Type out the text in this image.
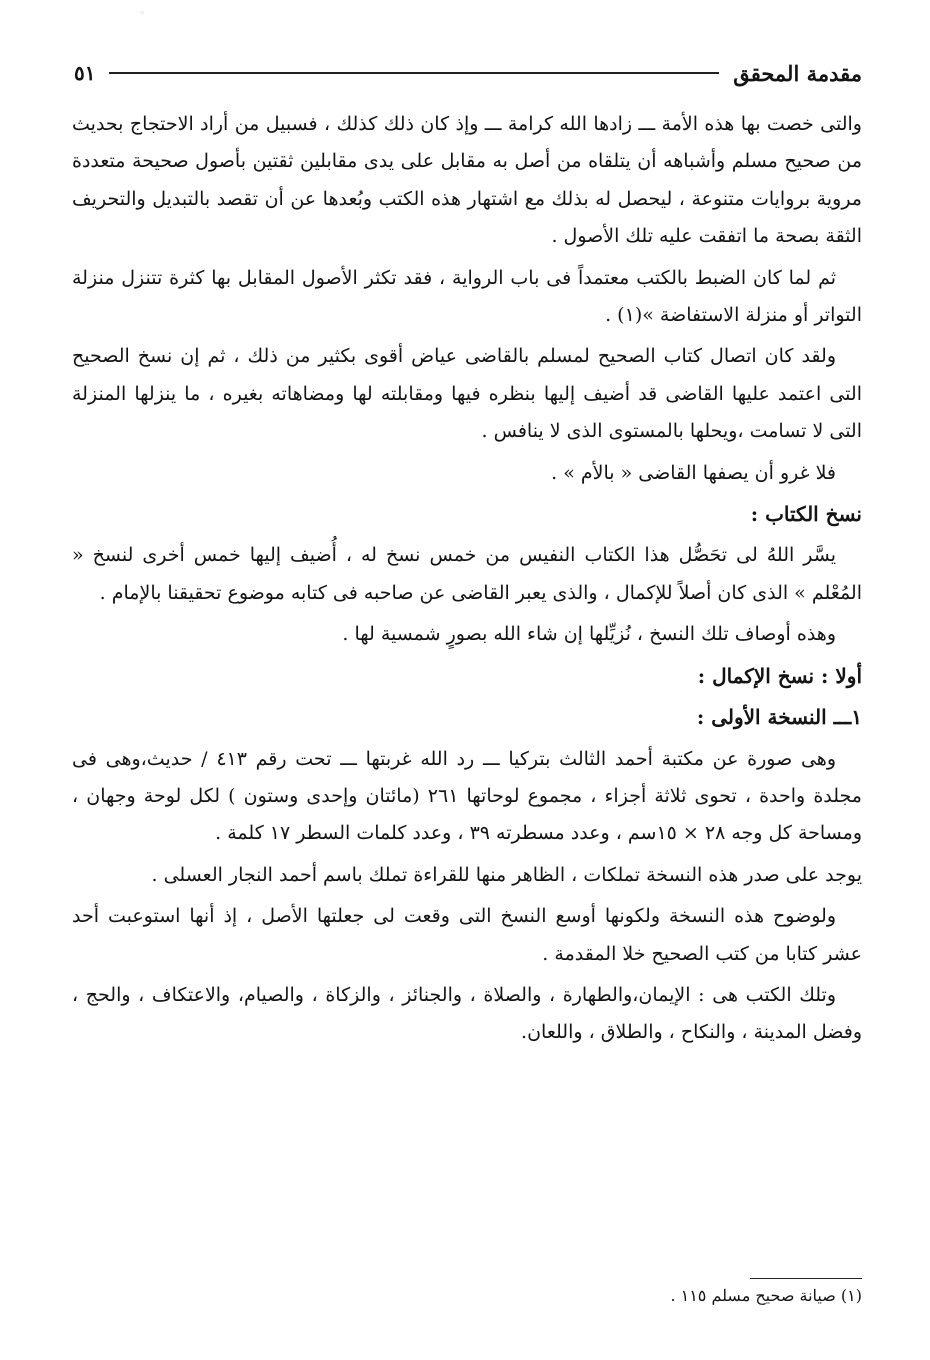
◦
مقدمة المحقق
٥١

والتى خصت بها هذه الأمة ـــ زادها الله كرامة ـــ وإذ كان ذلك كذلك ، فسبيل من أراد الاحتجاج بحديث من صحيح مسلم وأشباهه أن يتلقاه من أصل به مقابل على يدى مقابلين ثقتين بأصول صحيحة متعددة مروية بروايات متنوعة ، ليحصل له بذلك مع اشتهار هذه الكتب وبُعدها عن أن تقصد بالتبديل والتحريف الثقة بصحة ما اتفقت عليه تلك الأصول .

ثم لما كان الضبط بالكتب معتمداً فى باب الرواية ، فقد تكثر الأصول المقابل بها كثرة تتنزل منزلة التواتر أو منزلة الاستفاضة »(١) .

ولقد كان اتصال كتاب الصحيح لمسلم بالقاضى عياض أقوى بكثير من ذلك ، ثم إن نسخ الصحيح التى اعتمد عليها القاضى قد أضيف إليها بنظره فيها ومقابلته لها ومضاهاته بغيره ، ما ينزلها المنزلة التى لا تسامت ،ويحلها بالمستوى الذى لا ينافس .

فلا غرو أن يصفها القاضى « بالأم » .

نسخ الكتاب :

يسَّر اللهُ لى تحَصُّل هذا الكتاب النفيس من خمس نسخ له ، أُضيف إليها خمس أخرى لنسخ « المُعْلم » الذى كان أصلاً للإكمال ، والذى يعبر القاضى عن صاحبه فى كتابه موضوع تحقيقنا بالإمام .

وهذه أوصاف تلك النسخ ، نُزيِّلها إن شاء الله بصورٍ شمسية لها .

أولا : نسخ الإكمال :
١ـــ النسخة الأولى :

وهى صورة عن مكتبة أحمد الثالث بتركيا ـــ رد الله غربتها ـــ تحت رقم ٤١٣ / حديث،وهى فى مجلدة واحدة ، تحوى ثلاثة أجزاء ، مجموع لوحاتها ٢٦١ (مائتان وإحدى وستون ) لكل لوحة وجهان ، ومساحة كل وجه ٢٨ × ١٥سم ، وعدد مسطرته ٣٩ ، وعدد كلمات السطر ١٧ كلمة .

يوجد على صدر هذه النسخة تملكات ، الظاهر منها للقراءة تملك باسم أحمد النجار العسلى .

ولوضوح هذه النسخة ولكونها أوسع النسخ التى وقعت لى جعلتها الأصل ، إذ أنها استوعبت أحد عشر كتابا من كتب الصحيح خلا المقدمة .

وتلك الكتب هى : الإيمان،والطهارة ، والصلاة ، والجنائز ، والزكاة ، والصيام، والاعتكاف ، والحج ، وفضل المدينة ، والنكاح ، والطلاق ، واللعان.

(١) صيانة صحيح مسلم ١١٥ .
